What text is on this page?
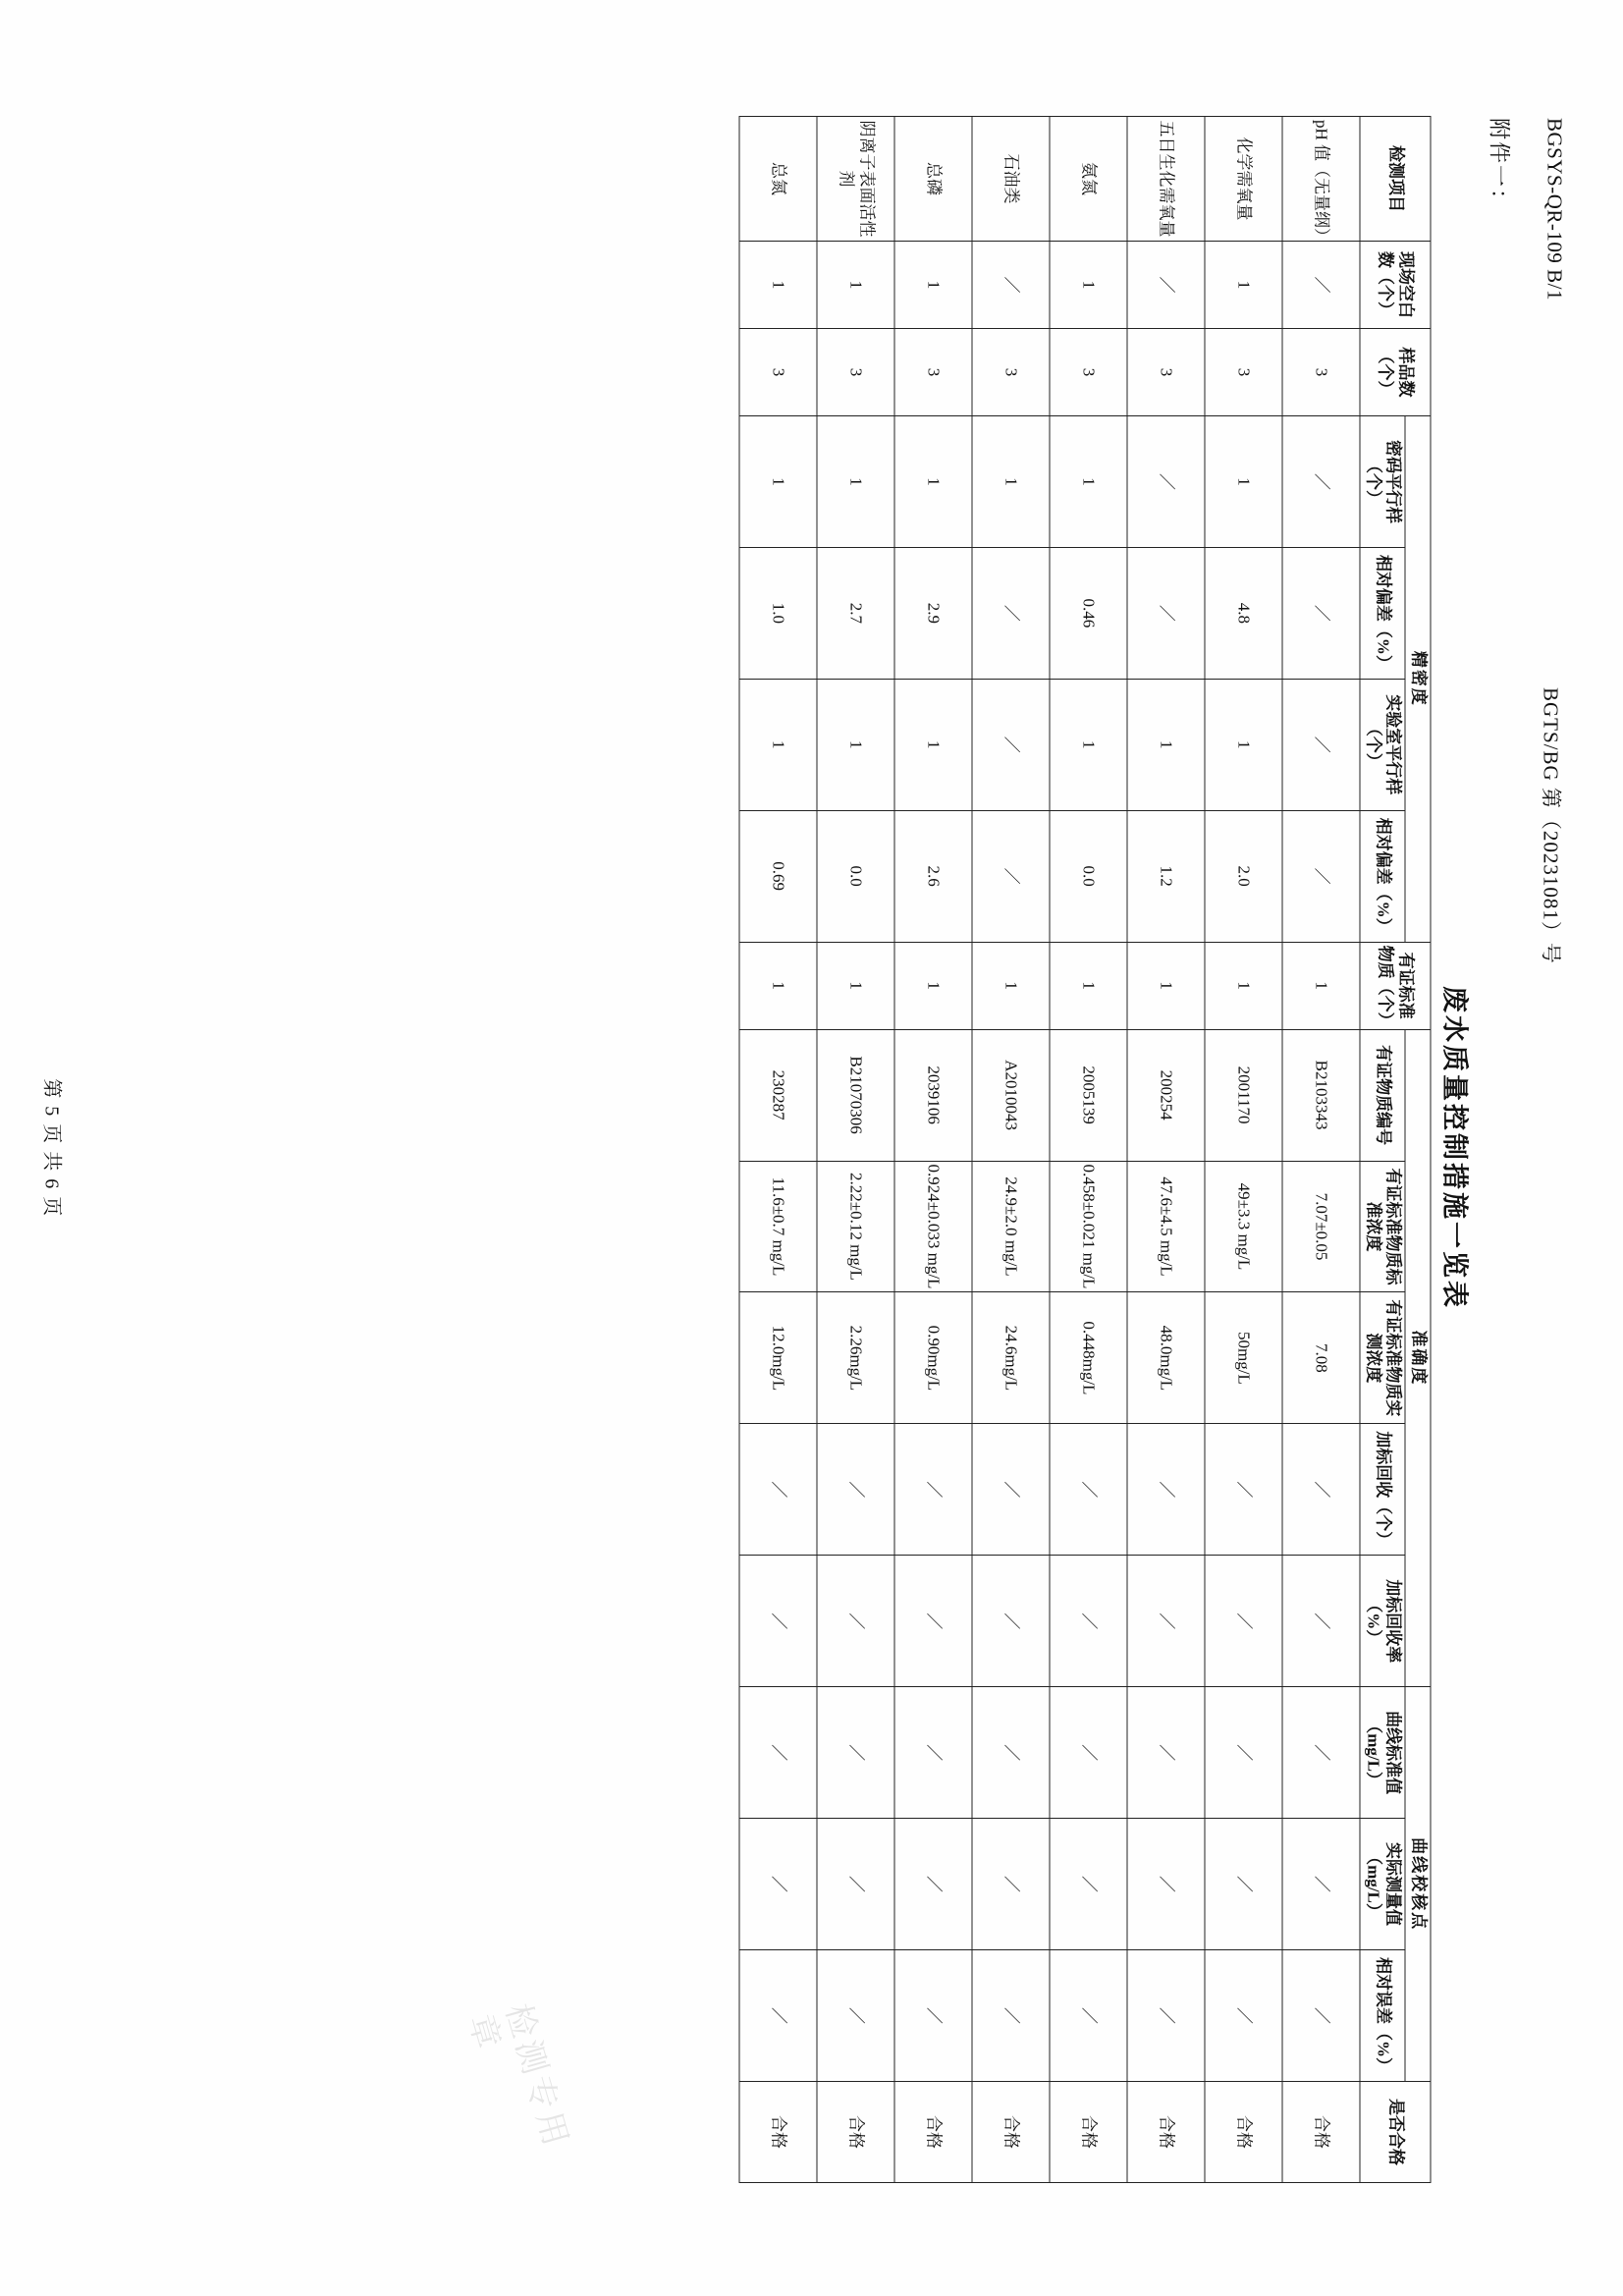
BGSYS-QR-109 B/1
BGTS/BG 第（20231081）号
附件一：
废水质量控制措施一览表
检测项目	现场空白数（个）	样品数（个）	精密度				有证标准物质（个）	准确度					曲线校核点			是否合格
			密码平行样（个）	相对偏差（%）	实验室平行样（个）	相对偏差（%）		有证物质编号	有证标准物质标准浓度	有证标准物质实测浓度	加标回收（个）	加标回收率（%）	曲线标准值（mg/L）	实际测量值（mg/L）	相对误差（%）	
pH 值（无量纲）	／	3	／	／	／	／	1	B2103343	7.07±0.05	7.08	／	／	／	／	／	合格
化学需氧量	1	3	1	4.8	1	2.0	1	2001170	49±3.3 mg/L	50mg/L	／	／	／	／	／	合格
五日生化需氧量	／	3	／	／	1	1.2	1	200254	47.6±4.5 mg/L	48.0mg/L	／	／	／	／	／	合格
氨氮	1	3	1	0.46	1	0.0	1	2005139	0.458±0.021 mg/L	0.448mg/L	／	／	／	／	／	合格
石油类	／	3	1	／	／	／	1	A2010043	24.9±2.0 mg/L	24.6mg/L	／	／	／	／	／	合格
总磷	1	3	1	2.9	1	2.6	1	2039106	0.924±0.033 mg/L	0.90mg/L	／	／	／	／	／	合格
阴离子表面活性剂	1	3	1	2.7	1	0.0	1	B21070306	2.22±0.12 mg/L	2.26mg/L	／	／	／	／	／	合格
总氮	1	3	1	1.0	1	0.69	1	230287	11.6±0.7 mg/L	12.0mg/L	／	／	／	／	／	合格
检测专用章
第 5 页 共 6 页
